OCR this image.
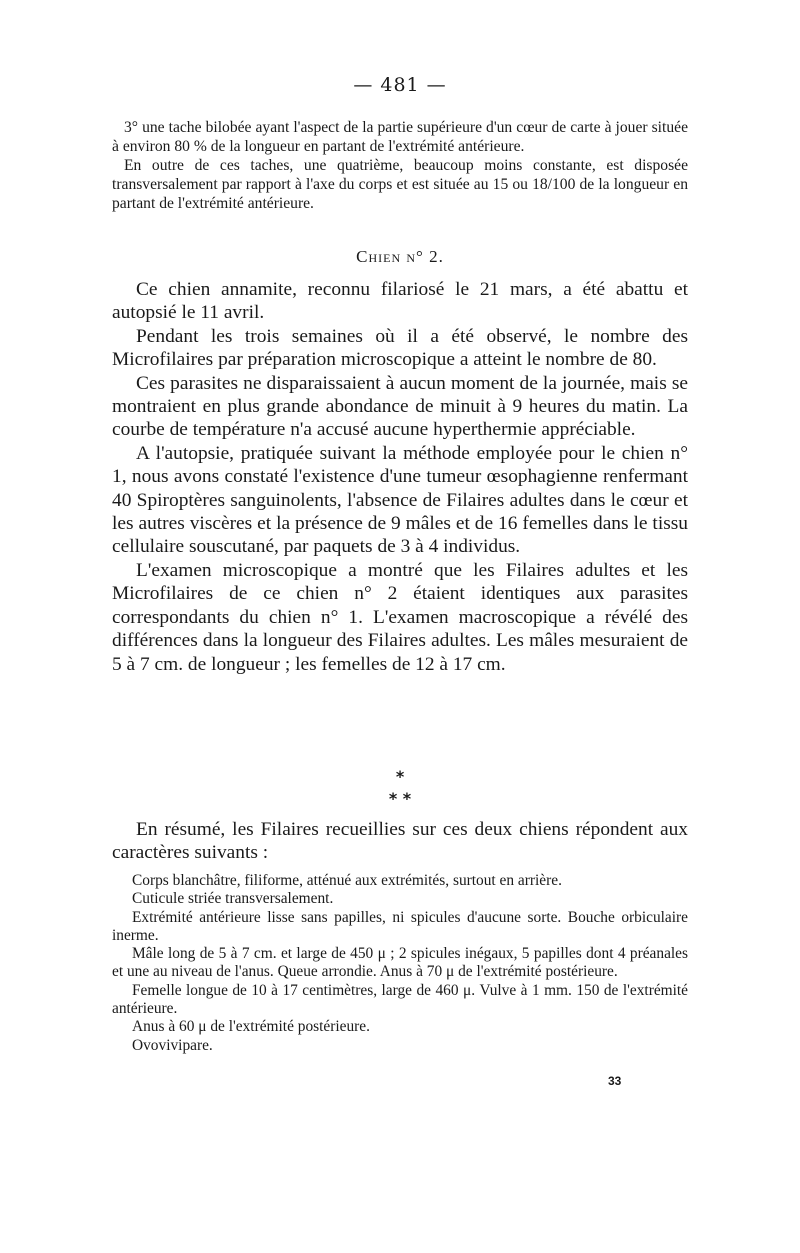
— 481 —

3° une tache bilobée ayant l'aspect de la partie supérieure d'un cœur de carte à jouer située à environ 80 % de la longueur en partant de l'extrémité antérieure.

En outre de ces taches, une quatrième, beaucoup moins constante, est disposée transversalement par rapport à l'axe du corps et est située au 15 ou 18/100 de la longueur en partant de l'extrémité antérieure.

Chien n° 2.

Ce chien annamite, reconnu filariosé le 21 mars, a été abattu et autopsié le 11 avril.

Pendant les trois semaines où il a été observé, le nombre des Microfilaires par préparation microscopique a atteint le nombre de 80.

Ces parasites ne disparaissaient à aucun moment de la journée, mais se montraient en plus grande abondance de minuit à 9 heures du matin. La courbe de température n'a accusé aucune hyperthermie appréciable.

A l'autopsie, pratiquée suivant la méthode employée pour le chien n° 1, nous avons constaté l'existence d'une tumeur œsophagienne renfermant 40 Spiroptères sanguinolents, l'absence de Filaires adultes dans le cœur et les autres viscères et la présence de 9 mâles et de 16 femelles dans le tissu cellulaire souscutané, par paquets de 3 à 4 individus.

L'examen microscopique a montré que les Filaires adultes et les Microfilaires de ce chien n° 2 étaient identiques aux parasites correspondants du chien n° 1. L'examen macroscopique a révélé des différences dans la longueur des Filaires adultes. Les mâles mesuraient de 5 à 7 cm. de longueur ; les femelles de 12 à 17 cm.

*
* *

En résumé, les Filaires recueillies sur ces deux chiens répondent aux caractères suivants :

Corps blanchâtre, filiforme, atténué aux extrémités, surtout en arrière.

Cuticule striée transversalement.

Extrémité antérieure lisse sans papilles, ni spicules d'aucune sorte. Bouche orbiculaire inerme.

Mâle long de 5 à 7 cm. et large de 450 μ ; 2 spicules inégaux, 5 papilles dont 4 préanales et une au niveau de l'anus. Queue arrondie. Anus à 70 μ de l'extrémité postérieure.

Femelle longue de 10 à 17 centimètres, large de 460 μ. Vulve à 1 mm. 150 de l'extrémité antérieure.

Anus à 60 μ de l'extrémité postérieure.

Ovovivipare.

33
